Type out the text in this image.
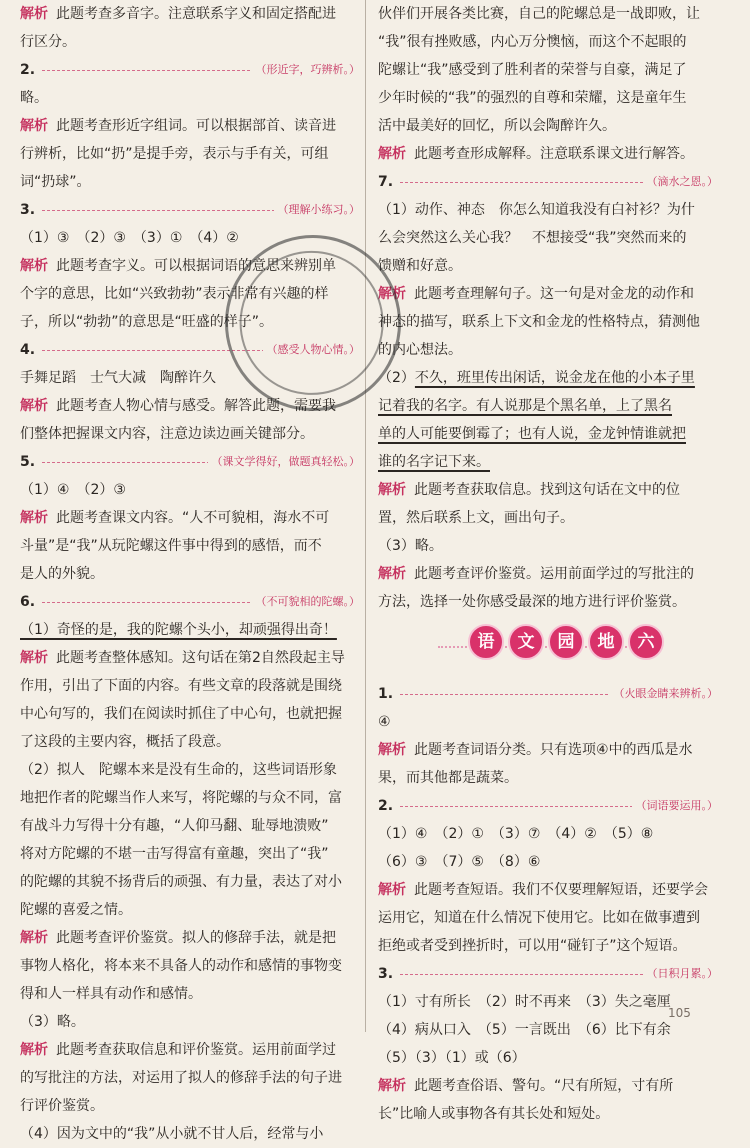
解析 此题考查多音字。注意联系字义和固定搭配进
行区分。
2.	（形近字，巧辨析。）
略。
解析 此题考查形近字组词。可以根据部首、读音进
行辨析，比如“扔”是提手旁，表示与手有关，可组
词“扔球”。
3.	（理解小练习。）
（1）③　（2）③　（3）①　（4）②
解析 此题考查字义。可以根据词语的意思来辨别单
个字的意思，比如“兴致勃勃”表示非常有兴趣的样
子，所以“勃勃”的意思是“旺盛的样子”。
4.	（感受人物心情。）
手舞足蹈　士气大减　陶醉许久
解析 此题考查人物心情与感受。解答此题，需要我
们整体把握课文内容，注意边读边画关键部分。
5.	（课文学得好，做题真轻松。）
（1）④　（2）③
解析 此题考查课文内容。“人不可貌相，海水不可
斗量”是“我”从玩陀螺这件事中得到的感悟，而不
是人的外貌。
6.	（不可貌相的陀螺。）
（1）奇怪的是，我的陀螺个头小，却顽强得出奇！
解析 此题考查整体感知。这句话在第2自然段起主导
作用，引出了下面的内容。有些文章的段落就是围绕
中心句写的，我们在阅读时抓住了中心句，也就把握
了这段的主要内容，概括了段意。
（2）拟人　陀螺本来是没有生命的，这些词语形象
地把作者的陀螺当作人来写，将陀螺的与众不同，富
有战斗力写得十分有趣，“人仰马翻、耻辱地溃败”
将对方陀螺的不堪一击写得富有童趣，突出了“我”
的陀螺的其貌不扬背后的顽强、有力量，表达了对小
陀螺的喜爱之情。
解析 此题考查评价鉴赏。拟人的修辞手法，就是把
事物人格化，将本来不具备人的动作和感情的事物变
得和人一样具有动作和感情。
（3）略。
解析 此题考查获取信息和评价鉴赏。运用前面学过
的写批注的方法，对运用了拟人的修辞手法的句子进
行评价鉴赏。
（4）因为文中的“我”从小就不甘人后，经常与小
伙伴们开展各类比赛，自己的陀螺总是一战即败，让
“我”很有挫败感，内心万分懊恼，而这个不起眼的
陀螺让“我”感受到了胜利者的荣誉与自豪，满足了
少年时候的“我”的强烈的自尊和荣耀，这是童年生
活中最美好的回忆，所以会陶醉许久。
解析 此题考查形成解释。注意联系课文进行解答。
7.	（滴水之恩。）
（1）动作、神态　你怎么知道我没有白衬衫？为什
么会突然这么关心我？　不想接受“我”突然而来的
馈赠和好意。
解析 此题考查理解句子。这一句是对金龙的动作和
神态的描写，联系上下文和金龙的性格特点，猜测他
的内心想法。
（2）不久，班里传出闲话，说金龙在他的小本子里
记着我的名字。有人说那是个黑名单，上了黑名
单的人可能要倒霉了；也有人说，金龙钟情谁就把
谁的名字记下来。
解析 此题考查获取信息。找到这句话在文中的位
置，然后联系上文，画出句子。
（3）略。
解析 此题考查评价鉴赏。运用前面学过的写批注的
方法，选择一处你感受最深的地方进行评价鉴赏。
语	文	园	地	六
1.	（火眼金睛来辨析。）
④
解析 此题考查词语分类。只有选项④中的西瓜是水
果，而其他都是蔬菜。
2.	（词语要运用。）
（1）④　（2）①　（3）⑦　（4）②　（5）⑧
（6）③　（7）⑤　（8）⑥
解析 此题考查短语。我们不仅要理解短语，还要学会
运用它，知道在什么情况下使用它。比如在做事遭到
拒绝或者受到挫折时，可以用“碰钉子”这个短语。
3.	（日积月累。）
（1）寸有所长　（2）时不再来　（3）失之毫厘
（4）病从口入　（5）一言既出　（6）比下有余
（5）（3）（1）或（6）
解析 此题考查俗语、警句。“尺有所短，寸有所
长”比喻人或事物各有其长处和短处。
105
